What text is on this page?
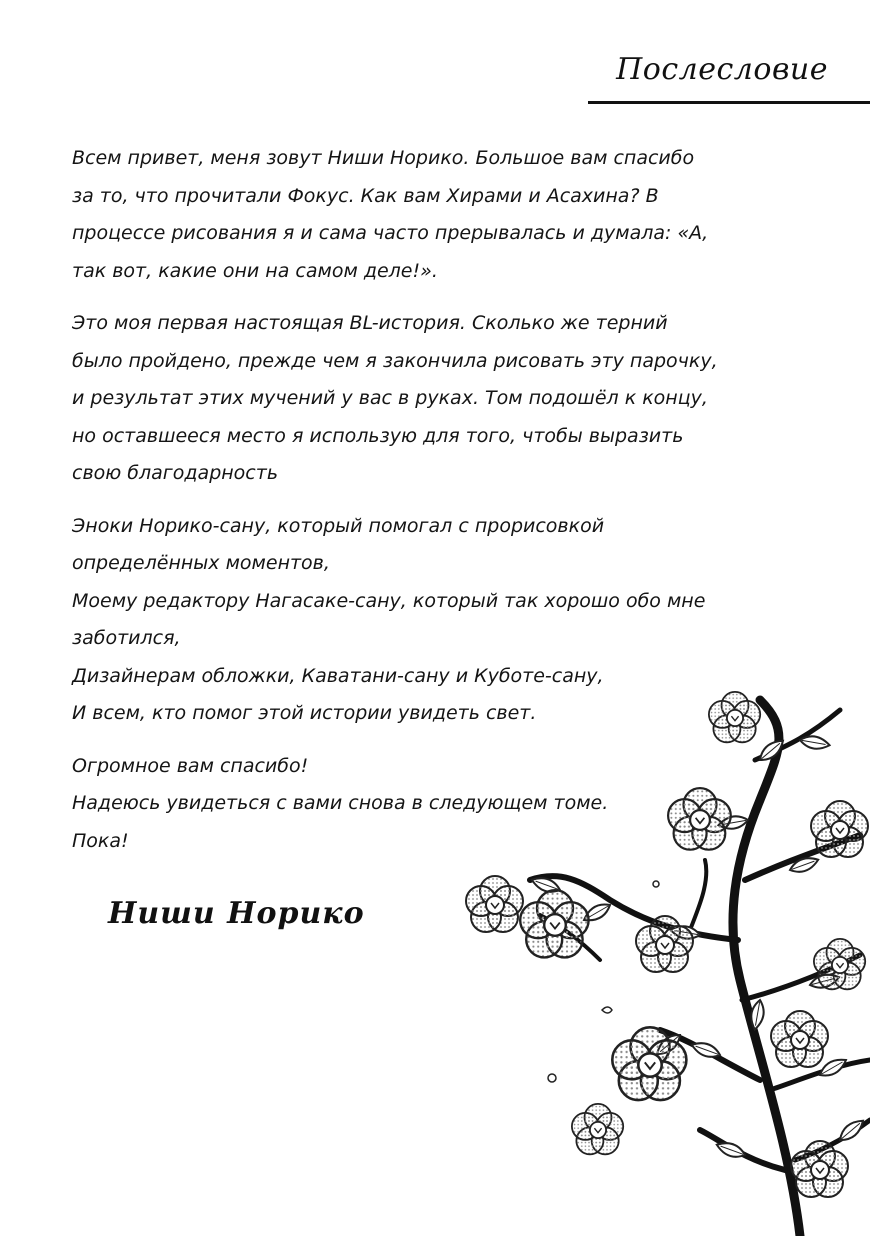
Послесловие

Всем привет, меня зовут Ниши Норико. Большое вам спасибо
за то, что прочитали Фокус. Как вам Хирами и Асахина? В
процессе рисования я и сама часто прерывалась и думала: «А,
так вот, какие они на самом деле!».

Это моя первая настоящая BL-история. Сколько же терний
было пройдено, прежде чем я закончила рисовать эту парочку,
и результат этих мучений у вас в руках. Том подошёл к концу,
но оставшееся место я использую для того, чтобы выразить
свою благодарность

Эноки Норико-сану, который помогал с прорисовкой
определённых моментов,
Моему редактору Нагасаке-сану, который так хорошо обо мне
заботился,
Дизайнерам обложки, Каватани-сану и Куботе-сану,
И всем, кто помог этой истории увидеть свет.

Огромное вам спасибо!
Надеюсь увидеться с вами снова в следующем томе.
Пока!

Ниши Норико
